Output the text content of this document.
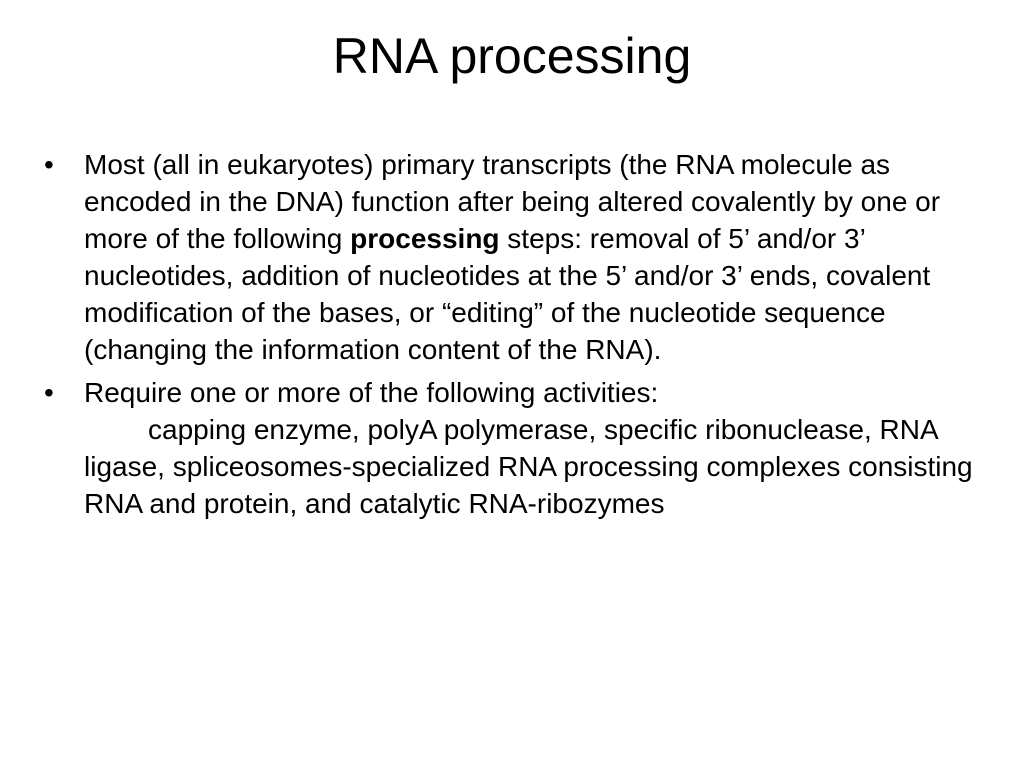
RNA processing
•	Most (all in eukaryotes) primary transcripts (the RNA molecule as encoded in the DNA) function after being altered covalently by one or more of the following processing steps: removal of 5’ and/or 3’ nucleotides, addition of nucleotides at the 5’ and/or 3’ ends, covalent modification of the bases, or “editing” of the nucleotide sequence (changing the information content of the RNA).
•	Require one or more of the following activities:
capping enzyme, polyA polymerase, specific ribonuclease, RNA ligase, spliceosomes-specialized RNA processing complexes consisting RNA and protein, and catalytic RNA-ribozymes
